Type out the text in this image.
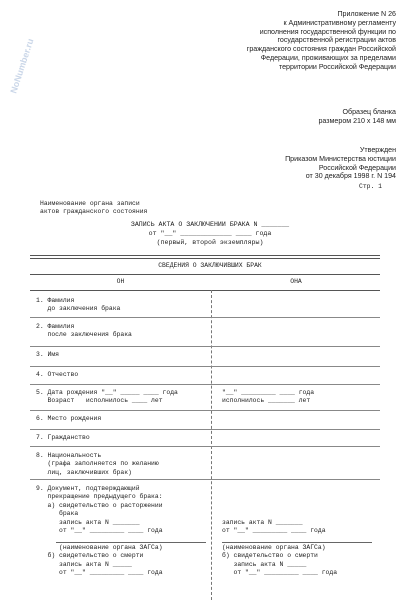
NoNumber.ru
Приложение N 26
к Административному регламенту
исполнения государственной функции по
государственной регистрации актов
гражданского состояния граждан Российской
Федерации, проживающих за пределами
территории Российской Федерации
Образец бланка
размером 210 x 148 мм
Утвержден
Приказом Министерства юстиции
Российской Федерации
от 30 декабря 1998 г. N 194
Стр. 1
Наименование органа записи
актов гражданского состояния
ЗАПИСЬ АКТА О ЗАКЛЮЧЕНИИ БРАКА N _______
от "__" _____________ ____ года
(первый, второй экземпляры)
СВЕДЕНИЯ О ЗАКЛЮЧИВШИХ БРАК
ОН	ОНА
1. Фамилия
до заключения брака
2. Фамилия
после заключения брака
3. Имя
4. Отчество
5. Дата рождения "__" _____ ____ года
Возраст   исполнилось ____ лет
"__" _________ ____ года
исполнилось _______ лет
6. Место рождения
7. Гражданство
8. Национальность
(графа заполняется по желанию
лиц, заключивших брак)
9. Документ, подтверждающий
прекращение предыдущего брака:
а) свидетельство о расторжении
брака
запись акта N _______
от "__" _________ ____ года
(наименование органа ЗАГСа)
б) свидетельство о смерти
запись акта N _____
от "__" _________ ____ года
запись акта N _______
от "__" _________ ____ года
(наименование органа ЗАГСа)
б) свидетельство о смерти
запись акта N _____
от "__" _________ ____ года
